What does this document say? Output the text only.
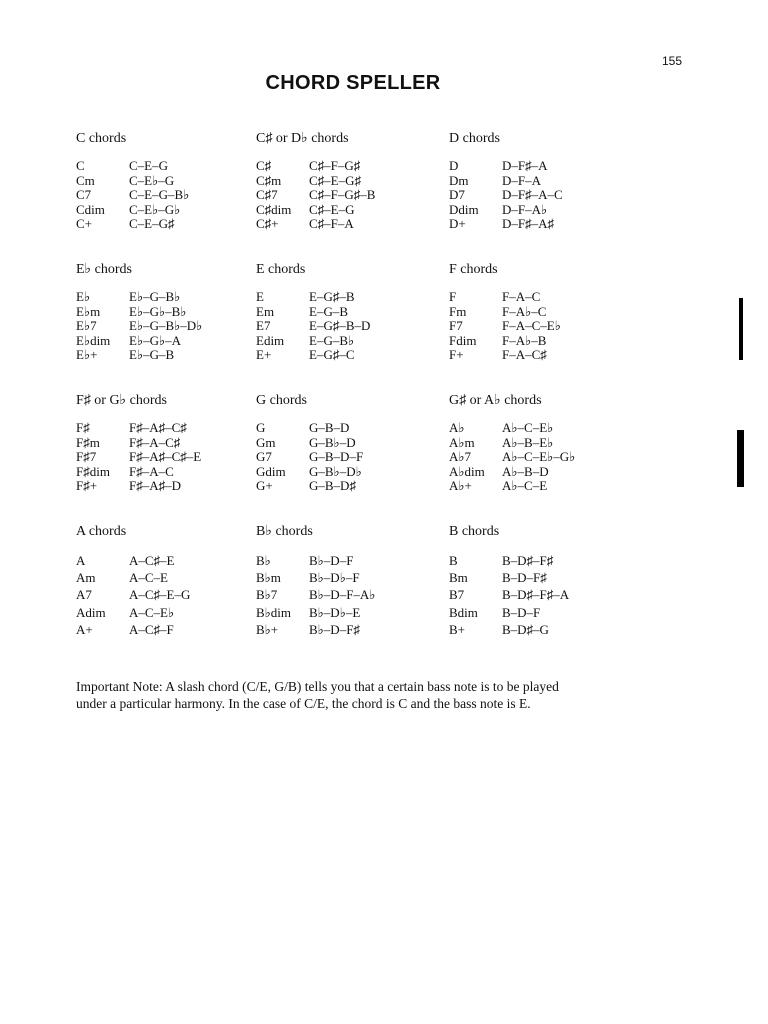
155
CHORD SPELLER
C chords
C	C–E–G
Cm	C–E♭–G
C7	C–E–G–B♭
Cdim	C–E♭–G♭
C+	C–E–G♯
C♯ or D♭ chords
C♯	C♯–F–G♯
C♯m	C♯–E–G♯
C♯7	C♯–F–G♯–B
C♯dim	C♯–E–G
C♯+	C♯–F–A
D chords
D	D–F♯–A
Dm	D–F–A
D7	D–F♯–A–C
Ddim	D–F–A♭
D+	D–F♯–A♯
E♭ chords
E♭	E♭–G–B♭
E♭m	E♭–G♭–B♭
E♭7	E♭–G–B♭–D♭
E♭dim	E♭–G♭–A
E♭+	E♭–G–B
E chords
E	E–G♯–B
Em	E–G–B
E7	E–G♯–B–D
Edim	E–G–B♭
E+	E–G♯–C
F chords
F	F–A–C
Fm	F–A♭–C
F7	F–A–C–E♭
Fdim	F–A♭–B
F+	F–A–C♯
F♯ or G♭ chords
F♯	F♯–A♯–C♯
F♯m	F♯–A–C♯
F♯7	F♯–A♯–C♯–E
F♯dim	F♯–A–C
F♯+	F♯–A♯–D
G chords
G	G–B–D
Gm	G–B♭–D
G7	G–B–D–F
Gdim	G–B♭–D♭
G+	G–B–D♯
G♯ or A♭ chords
A♭	A♭–C–E♭
A♭m	A♭–B–E♭
A♭7	A♭–C–E♭–G♭
A♭dim	A♭–B–D
A♭+	A♭–C–E
A chords
A	A–C♯–E
Am	A–C–E
A7	A–C♯–E–G
Adim	A–C–E♭
A+	A–C♯–F
B♭ chords
B♭	B♭–D–F
B♭m	B♭–D♭–F
B♭7	B♭–D–F–A♭
B♭dim	B♭–D♭–E
B♭+	B♭–D–F♯
B chords
B	B–D♯–F♯
Bm	B–D–F♯
B7	B–D♯–F♯–A
Bdim	B–D–F
B+	B–D♯–G
Important Note: A slash chord (C/E, G/B) tells you that a certain bass note is to be played
under a particular harmony. In the case of C/E, the chord is C and the bass note is E.
